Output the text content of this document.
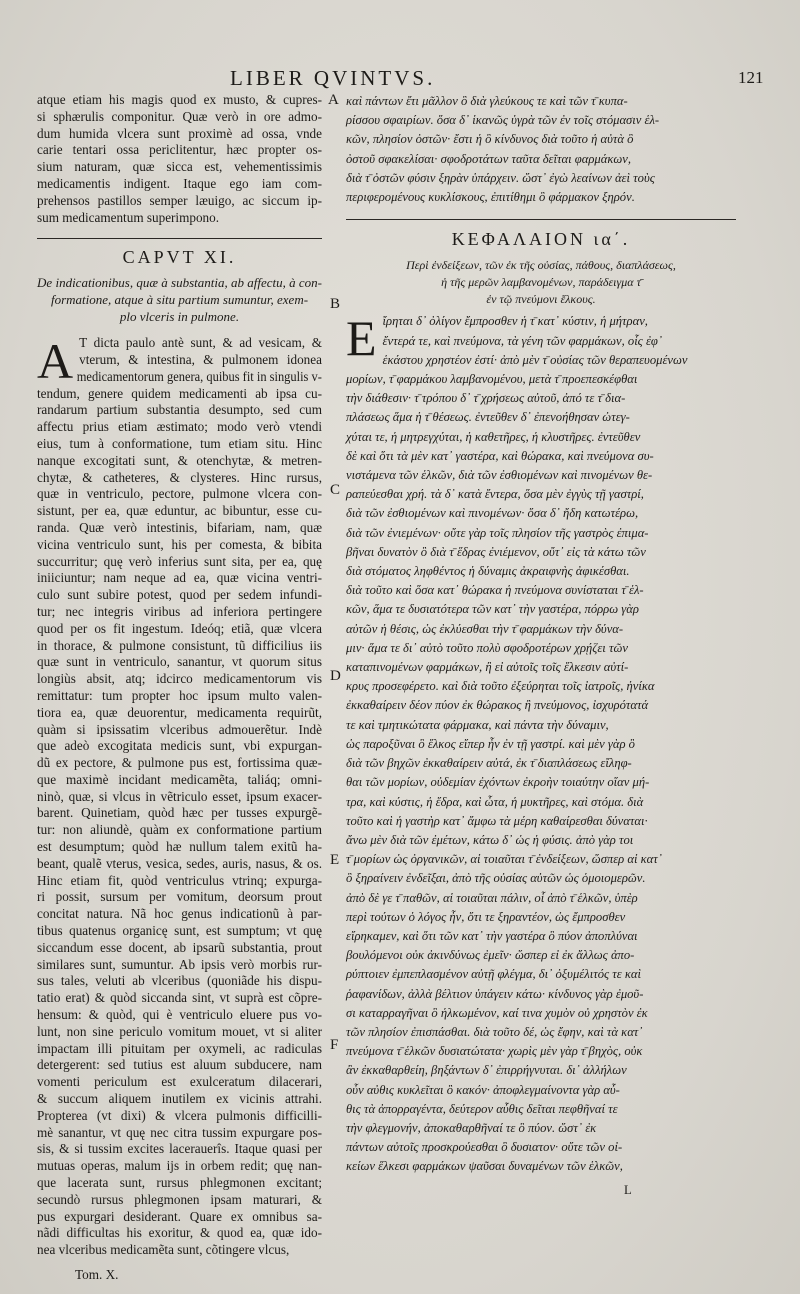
LIBER QVINTVS.	121
atque etiam his magis quod ex musto, & cupres-
si sphærulis componitur. Quæ verò in ore admo-
dum humida vlcera sunt proximè ad ossa, vnde
carie tentari ossa periclitentur, hæc propter os-
sium naturam, quæ sicca est, vehementissimis
medicamentis indigent. Itaque ego iam com-
prehensos pastillos semper læuigo, ac siccum ip-
sum medicamentum superimpono.
CAPVT XI.
De indicationibus, quæ à substantia, ab affectu, à con-
formatione, atque à situ partium sumuntur, exem-
plo vlceris in pulmone.
A T dicta paulo antè sunt, & ad vesicam, &
vterum, & intestina, & pulmonem idonea
medicamentorum genera, quibus fit in singulis v-
tendum, genere quidem medicamenti ab ipsa cu-
randarum partium substantia desumpto, sed cum
affectu prius etiam æstimato; modo verò vtendi
eius, tum à conformatione, tum etiam situ. Hinc
nanque excogitati sunt, & otenchytæ, & metren-
chytæ, & catheteres, & clysteres. Hinc rursus,
quæ in ventriculo, pectore, pulmone vlcera con-
sistunt, per ea, quæ eduntur, ac bibuntur, esse cu-
randa. Quæ verò intestinis, bifariam, nam, quæ
vicina ventriculo sunt, his per comesta, & bibita
succurritur; quę verò inferius sunt sita, per ea, quę
iniiciuntur; nam neque ad ea, quæ vicina ventri-
culo sunt subire potest, quod per sedem infundi-
tur; nec integris viribus ad inferiora pertingere
quod per os fit ingestum. Ideóq; etiã, quæ vlcera
in thorace, & pulmone consistunt, tũ difficilius iis
quæ sunt in ventriculo, sanantur, vt quorum situs
longiùs absit, atq; idcirco medicamentorum vis
remittatur: tum propter hoc ipsum multo valen-
tiora ea, quæ deuorentur, medicamenta requirũt,
quàm si ipsissatim vlceribus admouerẽtur. Indè
que adeò excogitata medicis sunt, vbi expurgan-
dũ ex pectore, & pulmone pus est, fortissima quæ-
que maximè incidant medicamẽta, taliáq; omni-
ninò, quæ, si vlcus in vẽtriculo esset, ipsum exacer-
barent. Quinetiam, quòd hæc per tusses expurgẽ-
tur: non aliundè, quàm ex conformatione partium
est desumptum; quòd hæ nullum talem exitũ ha-
beant, qualẽ vterus, vesica, sedes, auris, nasus, & os.
Hinc etiam fit, quòd ventriculus vtrinq; expurga-
ri possit, sursum per vomitum, deorsum prout
concitat natura. Nã hoc genus indicationũ à par-
tibus quatenus organicę sunt, est sumptum; vt quę
siccandum esse docent, ab ipsarũ substantia, prout
similares sunt, sumuntur. Ab ipsis verò morbis rur-
sus tales, veluti ab vlceribus (quoniãde his dispu-
tatio erat) & quòd siccanda sint, vt suprà est cõpre-
hensum: & quòd, qui è ventriculo eluere pus vo-
lunt, non sine periculo vomitum mouet, vt si aliter
impactam illi pituitam per oxymeli, ac radiculas
detergerent: sed tutius est aluum subducere, nam
vomenti periculum est exulceratum dilacerari,
& succum aliquem inutilem ex vicinis attrahi.
Propterea (vt dixi) & vlcera pulmonis difficilli-
mè sanantur, vt quę nec citra tussim expurgare pos-
sis, & si tussim excites lacerauerîs. Itaque quasi per
mutuas operas, malum ijs in orbem redit; quę nan-
que lacerata sunt, rursus phlegmonen excitant;
secundò rursus phlegmonen ipsam maturari, &
pus expurgari desiderant. Quare ex omnibus sa-
nãdi difficultas his exoritur, & quod ea, quæ ido-
nea vlceribus medicamẽta sunt, cõtingere vlcus,
Tom. X.
A
B
C
D
E
F
καὶ πάντων ἔτι μᾶλλον ὃ διὰ γλεύκους τε καὶ τῶν τ̄ κυπα-
ρίσσου σφαιρίων. ὅσα δ᾽ ἱκανῶς ὑγρὰ τῶν ἐν τοῖς στόμασιν ἑλ-
κῶν, πλησίον ὀστῶν· ἔστι ἡ ὃ κίνδυνος διὰ τοῦτο ἡ αὐτὰ ὃ
ὀστοῦ σφακελίσαι· σφοδροτάτων ταῦτα δεῖται φαρμάκων,
διὰ τ̄ ὀστῶν φύσιν ξηρὰν ὑπάρχειν. ὥστ᾽ ἐγὼ λεαίνων ἀεὶ τοὺς
περιφερομένους κυκλίσκους, ἐπιτίθημι ὃ φάρμακον ξηρόν.
ΚΕΦΑΛΑΙΟΝ ια΄.
Περὶ ἐνδείξεων, τῶν ἐκ τῆς οὐσίας, πάθους, διαπλάσεως,
ἡ τῆς μερῶν λαμβανομένων, παράδειγμα τ̄
ἐν τῷ πνεύμονι ἕλκους.
Ε ἴρηται δ᾽ ὀλίγον ἔμπροσθεν ἡ τ̄ κατ᾽ κύστιν, ἡ μήτραν,
ἔντερά τε, καὶ πνεύμονα, τὰ γένη τῶν φαρμάκων, οἷς ἐφ᾽
ἑκάστου χρηστέον ἐστί· ἀπὸ μὲν τ̄ οὐσίας τῶν θεραπευομένων
μορίων, τ̄ φαρμάκου λαμβανομένου, μετὰ τ̄ προεπεσκέφθαι
τὴν διάθεσιν· τ̄ τρόπου δ᾽ τ̄ χρήσεως αὐτοῦ, ἀπό τε τ̄ δια-
πλάσεως ἅμα ἡ τ̄ θέσεως. ἐντεῦθεν δ᾽ ἐπενοήθησαν ὠτεγ-
χύται τε, ἡ μητρεγχύται, ἡ καθετῆρες, ἡ κλυστῆρες. ἐντεῦθεν
δὲ καὶ ὅτι τὰ μὲν κατ᾽ γαστέρα, καὶ θώρακα, καὶ πνεύμονα συ-
νιστάμενα τῶν ἑλκῶν, διὰ τῶν ἐσθιομένων καὶ πινομένων θε-
ραπεύεσθαι χρή. τὰ δ᾽ κατὰ ἔντερα, ὅσα μὲν ἐγγὺς τῇ γαστρί,
διὰ τῶν ἐσθιομένων καὶ πινομένων· ὅσα δ᾽ ἤδη κατωτέρω,
διὰ τῶν ἐνιεμένων· οὔτε γὰρ τοῖς πλησίον τῆς γαστρὸς ἐπιμα-
βῆναι δυνατὸν ὃ διὰ τ̄ ἕδρας ἐνιέμενον, οὔτ᾽ εἰς τὰ κάτω τῶν
διὰ στόματος ληφθέντος ἡ δύναμις ἀκραιφνὴς ἀφικέσθαι.
διὰ τοῦτο καὶ ὅσα κατ᾽ θώρακα ἡ πνεύμονα συνίσταται τ̄ ἑλ-
κῶν, ἅμα τε δυσιατότερα τῶν κατ᾽ τὴν γαστέρα, πόρρω γὰρ
αὐτῶν ἡ θέσις, ὡς ἐκλύεσθαι τὴν τ̄ φαρμάκων τὴν δύνα-
μιν· ἅμα τε δι᾽ αὐτὸ τοῦτο πολὺ σφοδροτέρων χρῄζει τῶν
καταπινομένων φαρμάκων, ἢ εἰ αὐτοῖς τοῖς ἕλκεσιν αὐτί-
κρυς προσεφέρετο. καὶ διὰ τοῦτο ἐξεύρηται τοῖς ἰατροῖς, ἡνίκα
ἐκκαθαίρειν δέον πύον ἐκ θώρακος ἢ πνεύμονος, ἰσχυρότατά
τε καὶ τμητικώτατα φάρμακα, καὶ πάντα τὴν δύναμιν,
ὡς παροξῦναι ὃ ἕλκος εἴπερ ἦν ἐν τῇ γαστρί. καὶ μὲν γὰρ ὃ
διὰ τῶν βηχῶν ἐκκαθαίρειν αὐτά, ἐκ τ̄ διαπλάσεως εἴληφ-
θαι τῶν μορίων, οὐδεμίαν ἐχόντων ἐκροὴν τοιαύτην οἵαν μή-
τρα, καὶ κύστις, ἡ ἕδρα, καὶ ὦτα, ἡ μυκτῆρες, καὶ στόμα. διὰ
τοῦτο καὶ ἡ γαστὴρ κατ᾽ ἄμφω τὰ μέρη καθαίρεσθαι δύναται·
ἄνω μὲν διὰ τῶν ἐμέτων, κάτω δ᾽ ὡς ἡ φύσις. ἀπὸ γὰρ τοι
τ̄ μορίων ὡς ὀργανικῶν, αἱ τοιαῦται τ̄ ἐνδείξεων, ὥσπερ αἱ κατ᾽
ὃ ξηραίνειν ἐνδεῖξαι, ἀπὸ τῆς οὐσίας αὐτῶν ὡς ὁμοιομερῶν.
ἀπὸ δὲ γε τ̄ παθῶν, αἱ τοιαῦται πάλιν, οἷ ἀπὸ τ̄ ἑλκῶν, ὑπὲρ
περὶ τούτων ὁ λόγος ἦν, ὅτι τε ξηραντέον, ὡς ἔμπροσθεν
εἴρηκαμεν, καὶ ὅτι τῶν κατ᾽ τὴν γαστέρα ὃ πύον ἀποπλύναι
βουλόμενοι οὐκ ἀκινδύνως ἐμεῖν· ὥσπερ εἰ ἐκ ἄλλως ἀπο-
ρύπτοιεν ἐμπεπλασμένον αὐτῇ φλέγμα, δι᾽ ὀξυμέλιτός τε καὶ
ῥαφανίδων, ἀλλὰ βέλτιον ὑπάγειν κάτω· κίνδυνος γὰρ ἐμοῦ-
σι καταρραγῆναι ὃ ἡλκωμένον, καί τινα χυμὸν οὐ χρηστὸν ἐκ
τῶν πλησίον ἐπισπάσθαι. διὰ τοῦτο δέ, ὡς ἔφην, καὶ τὰ κατ᾽
πνεύμονα τ̄ ἑλκῶν δυσιατώτατα· χωρὶς μὲν γὰρ τ̄ βηχὸς, οὐκ
ἂν ἐκκαθαρθείη, βηξάντων δ᾽ ἐπιρρήγνυται. δι᾽ ἀλλήλων
οὖν αὐθις κυκλεῖται ὃ κακόν· ἀποφλεγμαίνοντα γὰρ αὖ-
θις τὰ ἀπορραγέντα, δεύτερον αὖθις δεῖται πεφθῆναί τε
τὴν φλεγμονήν, ἀποκαθαρθῆναί τε ὃ πύον. ὥστ᾽ ἐκ
πάντων αὐτοῖς προσκρούεσθαι ὃ δυσιατον· οὔτε τῶν οἰ-
κείων ἕλκεσι φαρμάκων ψαῦσαι δυναμένων τῶν ἑλκῶν,
L
